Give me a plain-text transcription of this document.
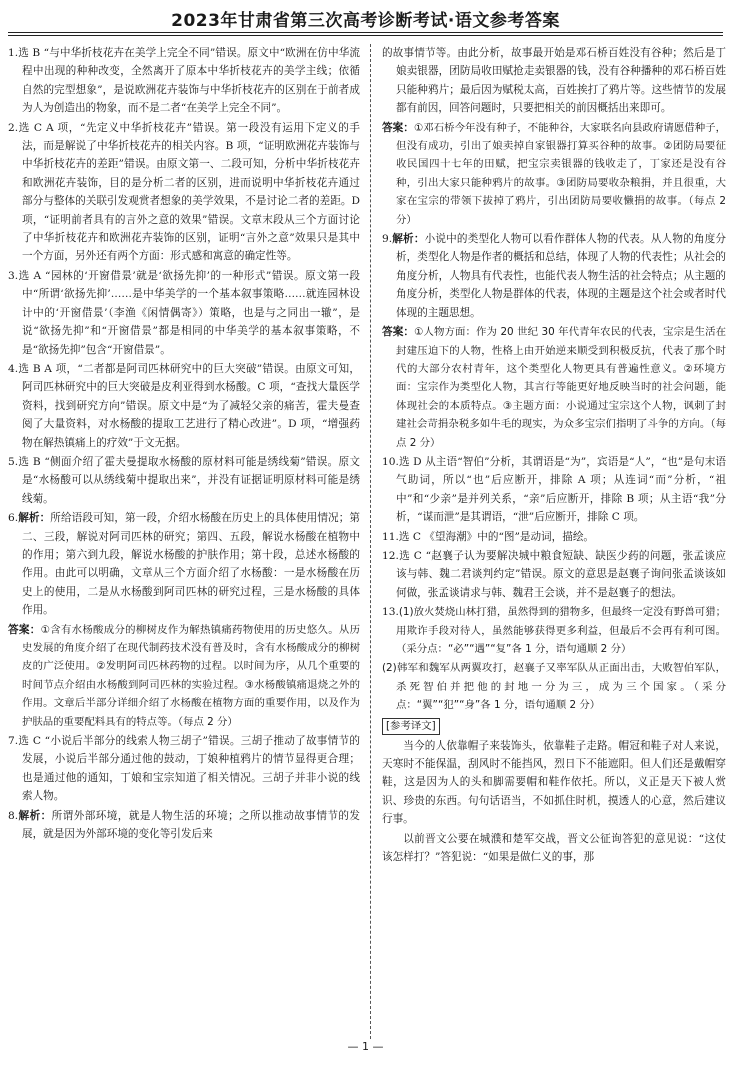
2023年甘肃省第三次高考诊断考试·语文参考答案
1.选 B “与中华折枝花卉在美学上完全不同”错误。原文中“欧洲在仿中华流程中出现的种种改变，全然离开了原本中华折枝花卉的美学主线；依循自然的完型想象”，是说欧洲花卉装饰与中华折枝花卉的区别在于前者成为人为创造出的物象，而不是二者“在美学上完全不同”。
2.选 C A 项，“先定义中华折枝花卉”错误。第一段没有运用下定义的手法，而是解说了中华折枝花卉的相关内容。B 项，“证明欧洲花卉装饰与中华折枝花卉的差距”错误。由原文第一、二段可知，分析中华折枝花卉和欧洲花卉装饰，目的是分析二者的区别，进而说明中华折枝花卉通过部分与整体的关联引发观赏者想象的美学效果，不是讨论二者的差距。D 项，“证明前者具有的言外之意的效果”错误。文章末段从三个方面讨论了中华折枝花卉和欧洲花卉装饰的区别，证明“言外之意”效果只是其中一个方面，另外还有两个方面：形式感和寓意的确定性等。
3.选 A “园林的‘开窗借景’就是‘欲扬先抑’的一种形式”错误。原文第一段中“所谓‘欲扬先抑’……是中华美学的一个基本叙事策略……就连园林设计中的‘开窗借景’（李渔《闲情偶寄》）策略，也是与之同出一辙”，是说“欲扬先抑”和“开窗借景”都是相同的中华美学的基本叙事策略，不是“欲扬先抑”包含“开窗借景”。
4.选 B A 项，“二者都是阿司匹林研究中的巨大突破”错误。由原文可知，阿司匹林研究中的巨大突破是皮利亚得到水杨酸。C 项，“查找大量医学资料，找到研究方向”错误。原文中是“为了减轻父亲的痛苦，霍夫曼查阅了大量资料，对水杨酸的提取工艺进行了精心改进”。D 项，“增强药物在解热镇痛上的疗效”于文无据。
5.选 B “侧面介绍了霍夫曼提取水杨酸的原材料可能是绣线菊”错误。原文是“水杨酸可以从绣线菊中提取出来”，并没有证据证明原材料可能是绣线菊。
6.解析：所给语段可知，第一段，介绍水杨酸在历史上的具体使用情况；第二、三段，解说对阿司匹林的研究；第四、五段，解说水杨酸在植物中的作用；第六到九段，解说水杨酸的护肤作用；第十段，总述水杨酸的作用。由此可以明确，文章从三个方面介绍了水杨酸：一是水杨酸在历史上的使用，二是从水杨酸到阿司匹林的研究过程，三是水杨酸的具体作用。
答案：①含有水杨酸成分的柳树皮作为解热镇痛药物使用的历史悠久。从历史发展的角度介绍了在现代制药技术没有普及时，含有水杨酸成分的柳树皮的广泛使用。②发明阿司匹林药物的过程。以时间为序，从几个重要的时间节点介绍由水杨酸到阿司匹林的实验过程。③水杨酸镇痛退烧之外的作用。文章后半部分详细介绍了水杨酸在植物方面的重要作用，以及作为护肤品的重要配料具有的特点等。（每点 2 分）
7.选 C “小说后半部分的线索人物三胡子”错误。三胡子推动了故事情节的发展，小说后半部分通过他的鼓动，丁娘种植鸦片的情节显得更合理；也是通过他的通知，丁娘和宝宗知道了相关情况。三胡子并非小说的线索人物。
8.解析：所谓外部环境，就是人物生活的环境；之所以推动故事情节的发展，就是因为外部环境的变化等引发后来
的故事情节等。由此分析，故事最开始是邓石桥百姓没有谷种；然后是丁娘卖银器，团防局收田赋抢走卖银器的钱，没有谷种播种的邓石桥百姓只能种鸦片；最后因为赋税太高，百姓挨打了鸦片等。这些情节的发展都有前因，回答问题时，只要把相关的前因概括出来即可。
答案：①邓石桥今年没有种子，不能种谷，大家联名向县政府请愿借种子，但没有成功，引出了娘卖掉自家银器打算买谷种的故事。②团防局要征收民国四十七年的田赋，把宝宗卖银器的钱收走了，丁家还是没有谷种，引出大家只能种鸦片的故事。③团防局要收杂粮捐，并且很重，大家在宝宗的带领下拔掉了鸦片，引出团防局要收懒捐的故事。（每点 2 分）
9.解析：小说中的类型化人物可以看作群体人物的代表。从人物的角度分析，类型化人物是作者的概括和总结，体现了人物的代表性；从社会的角度分析，人物具有代表性，也能代表人物生活的社会特点；从主题的角度分析，类型化人物是群体的代表，体现的主题是这个社会或者时代体现的主题思想。
答案：①人物方面：作为 20 世纪 30 年代青年农民的代表，宝宗是生活在封建压迫下的人物，性格上由开始逆来顺受到积极反抗，代表了那个时代的大部分农村青年，这个类型化人物更具有普遍性意义。②环境方面：宝宗作为类型化人物，其言行等能更好地反映当时的社会问题，能体现社会的本质特点。③主题方面：小说通过宝宗这个人物，讽刺了封建社会苛捐杂税多如牛毛的现实，为众多宝宗们指明了斗争的方向。（每点 2 分）
10.选 D 从主语“智伯”分析，其谓语是“为”，宾语是“人”，“也”是句末语气助词，所以“也”后应断开，排除 A 项；从连词“而”分析，“祖中”和“少亲”是并列关系，“亲”后应断开，排除 B 项；从主语“我”分析，“谋而泄”是其谓语，“泄”后应断开，排除 C 项。
11.选 C 《望海潮》中的“图”是动词，描绘。
12.选 C “赵襄子认为要解决城中粮食短缺、缺医少药的问题，张孟谈应该与韩、魏二君谈判约定”错误。原文的意思是赵襄子询问张孟谈该如何做，张孟谈请求与韩、魏君王会谈，并不是赵襄子的想法。
13.(1)放火焚烧山林打猎，虽然得到的猎物多，但最终一定没有野兽可猎；用欺诈手段对待人，虽然能够获得更多利益，但最后不会再有利可图。（采分点：“必”“遇”“复”各 1 分，语句通顺 2 分）
(2)韩军和魏军从两翼攻打，赵襄子又率军队从正面出击，大败智伯军队，杀死智伯并把他的封地一分为三，成为三个国家。（采分点：“翼”“犯”“身”各 1 分，语句通顺 2 分）
[参考译文]
当今的人依靠帽子来装饰头，依靠鞋子走路。帽冠和鞋子对人来说，天寒时不能保温，刮风时不能挡风，烈日下不能遮阳。但人们还是戴帽穿鞋，这是因为人的头和脚需要帽和鞋作依托。所以，义正是天下被人赏识、珍贵的东西。句句话语当，不如抓住时机，摸透人的心意，然后建议行事。
以前晋文公要在城濮和楚军交战，晋文公征询答犯的意见说：“这仗该怎样打？”答犯说：“如果是做仁义的事，那
— 1 —
